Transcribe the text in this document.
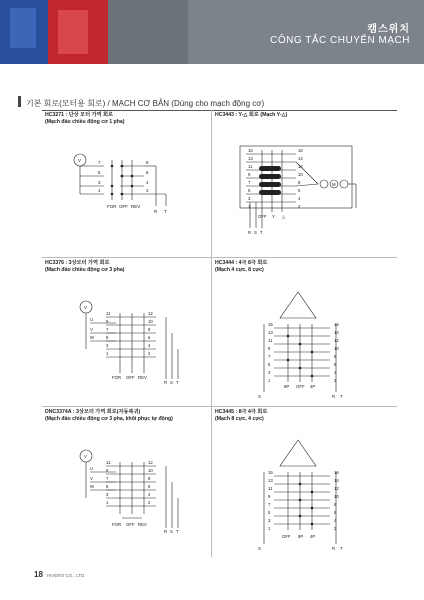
캠스위치
CÔNG TẮC CHUYỂN MẠCH
기본 회로(모터용 회로) / MẠCH CƠ BẢN (Dùng cho mạch động cơ)
HC3271 : 단상 모터 가역 회로
(Mạch đảo chiều động cơ 1 pha)
HC3443 : Y-△ 회로 (Mạch Y-△)
HC3376 : 3상모터 가역 회로
(Mạch đảo chiều động cơ 3 pha)
HC3444 : 4극 8극 회로
(Mạch 4 cực, 8 cực)
DNC3374A : 3상모터 가역 회로(자동복귀)
(Mạch đảo chiều động cơ 3 pha, khôi phục tự động)
HC3445 : 8극 4극 회로
(Mạch 8 cực, 4 cực)
V	8
6
4
2
7
5
3
1
FOR OFF REV
R T
16
14
12
10
8
6
4
2
15
13
11
9
7
5
3
1
M
OFF Y △
R S T
V
U
V
W
12
10
8
6
4
2
11
9
7
5
3
1
FOR OFF REV
R S T
16
14
12
10
8
6
4
2
15
13
11
9
7
5
3
1
8P OFF 4P
S	R T
V
U
V
W
12
10
8
6
4
2
11
9
7
5
3
1
FOR OFF REV
R S T
16
14
12
10
8
6
4
2
15
13
11
9
7
5
3
1
OFF 8P 4P
S	R T
18 HIVERO CO., LTD.
